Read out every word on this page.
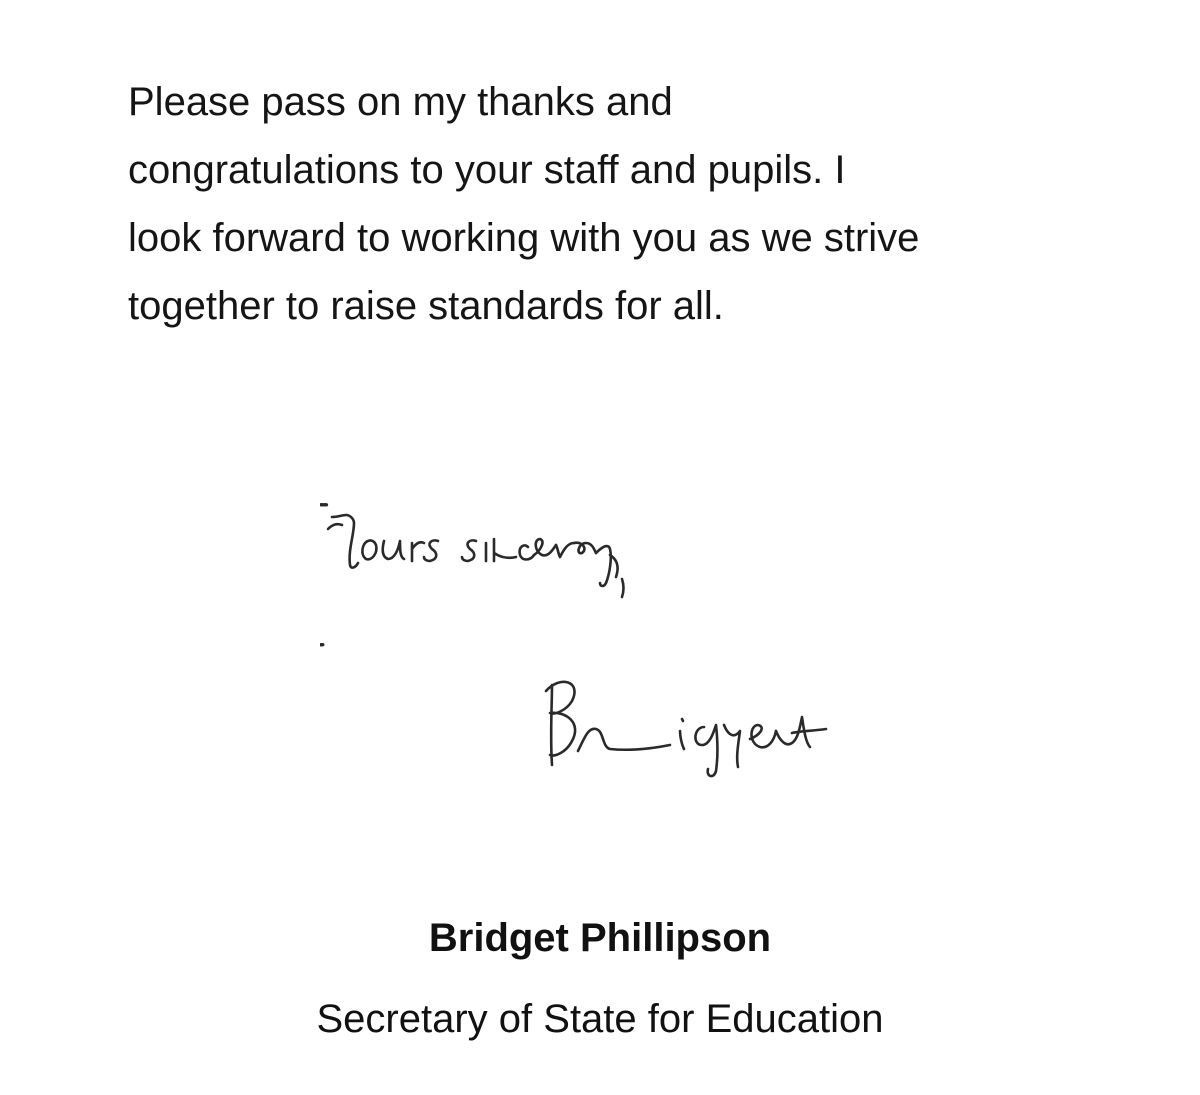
Please pass on my thanks and
congratulations to your staff and pupils. I
look forward to working with you as we strive
together to raise standards for all.

Yours sincerely,
Bridget

Bridget Phillipson

Secretary of State for Education
